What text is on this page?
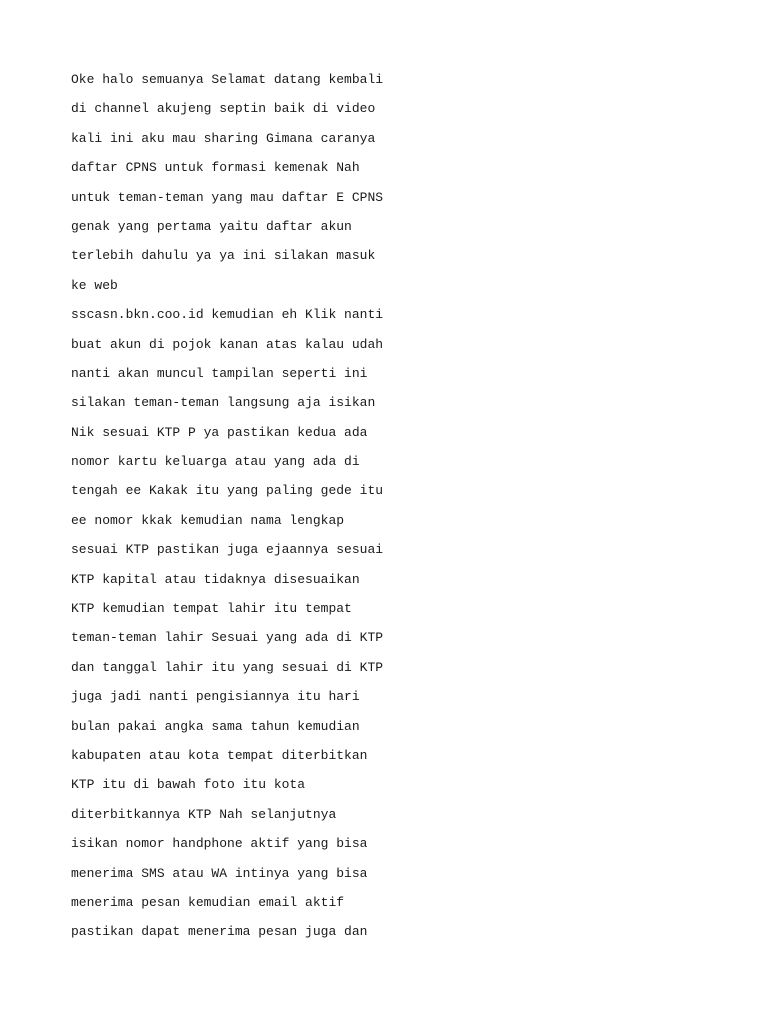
Oke halo semuanya Selamat datang kembali
di channel akujeng septin baik di video
kali ini aku mau sharing Gimana caranya
daftar CPNS untuk formasi kemenak Nah
untuk teman-teman yang mau daftar E CPNS
genak yang pertama yaitu daftar akun
terlebih dahulu ya ya ini silakan masuk
ke web
sscasn.bkn.coo.id kemudian eh Klik nanti
buat akun di pojok kanan atas kalau udah
nanti akan muncul tampilan seperti ini
silakan teman-teman langsung aja isikan
Nik sesuai KTP P ya pastikan kedua ada
nomor kartu keluarga atau yang ada di
tengah ee Kakak itu yang paling gede itu
ee nomor kkak kemudian nama lengkap
sesuai KTP pastikan juga ejaannya sesuai
KTP kapital atau tidaknya disesuaikan
KTP kemudian tempat lahir itu tempat
teman-teman lahir Sesuai yang ada di KTP
dan tanggal lahir itu yang sesuai di KTP
juga jadi nanti pengisiannya itu hari
bulan pakai angka sama tahun kemudian
kabupaten atau kota tempat diterbitkan
KTP itu di bawah foto itu kota
diterbitkannya KTP Nah selanjutnya
isikan nomor handphone aktif yang bisa
menerima SMS atau WA intinya yang bisa
menerima pesan kemudian email aktif
pastikan dapat menerima pesan juga dan
